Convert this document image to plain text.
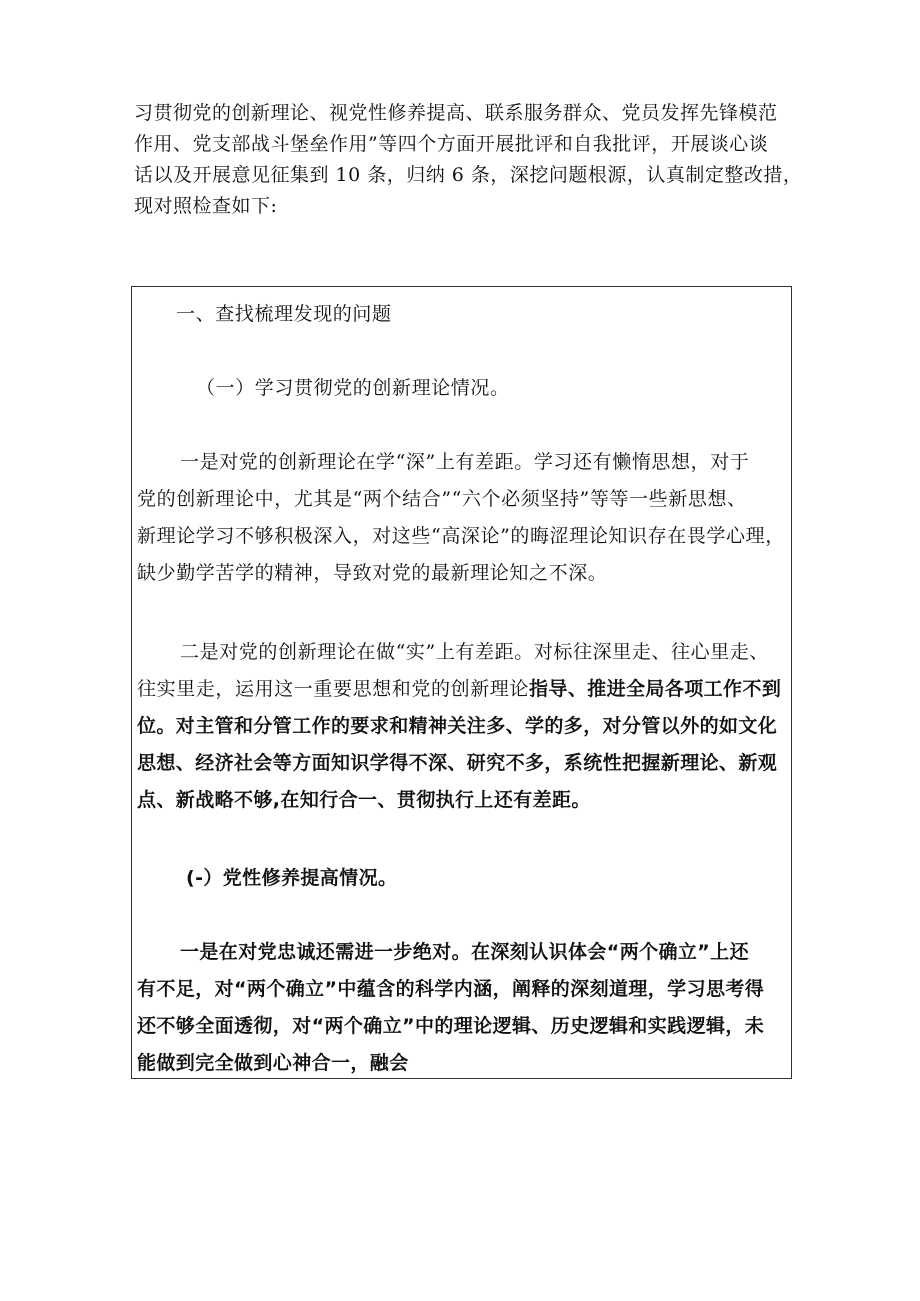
习贯彻党的创新理论、视党性修养提高、联系服务群众、党员发挥先锋模范

作用、党支部战斗堡垒作用”等四个方面开展批评和自我批评，开展谈心谈

话以及开展意见征集到 10 条，归纳 6 条，深挖问题根源，认真制定整改措，

现对照检查如下:

一、查找梳理发现的问题

（一）学习贯彻党的创新理论情况。

一是对党的创新理论在学“深”上有差距。学习还有懒惰思想，对于

党的创新理论中，尤其是“两个结合”“六个必须坚持”等等一些新思想、

新理论学习不够积极深入，对这些“高深论”的晦涩理论知识存在畏学心理，

缺少勤学苦学的精神，导致对党的最新理论知之不深。

二是对党的创新理论在做“实”上有差距。对标往深里走、往心里走、

往实里走，运用这一重要思想和党的创新理论指导、推进全局各项工作不到

位。对主管和分管工作的要求和精神关注多、学的多，对分管以外的如文化

思想、经济社会等方面知识学得不深、研究不多，系统性把握新理论、新观

点、新战略不够,在知行合一、贯彻执行上还有差距。

(-）党性修养提高情况。

一是在对党忠诚还需进一步绝对。在深刻认识体会“两个确立”上还

有不足，对“两个确立”中蕴含的科学内涵，阐释的深刻道理，学习思考得

还不够全面透彻，对“两个确立”中的理论逻辑、历史逻辑和实践逻辑，未

能做到完全做到心神合一，融会
